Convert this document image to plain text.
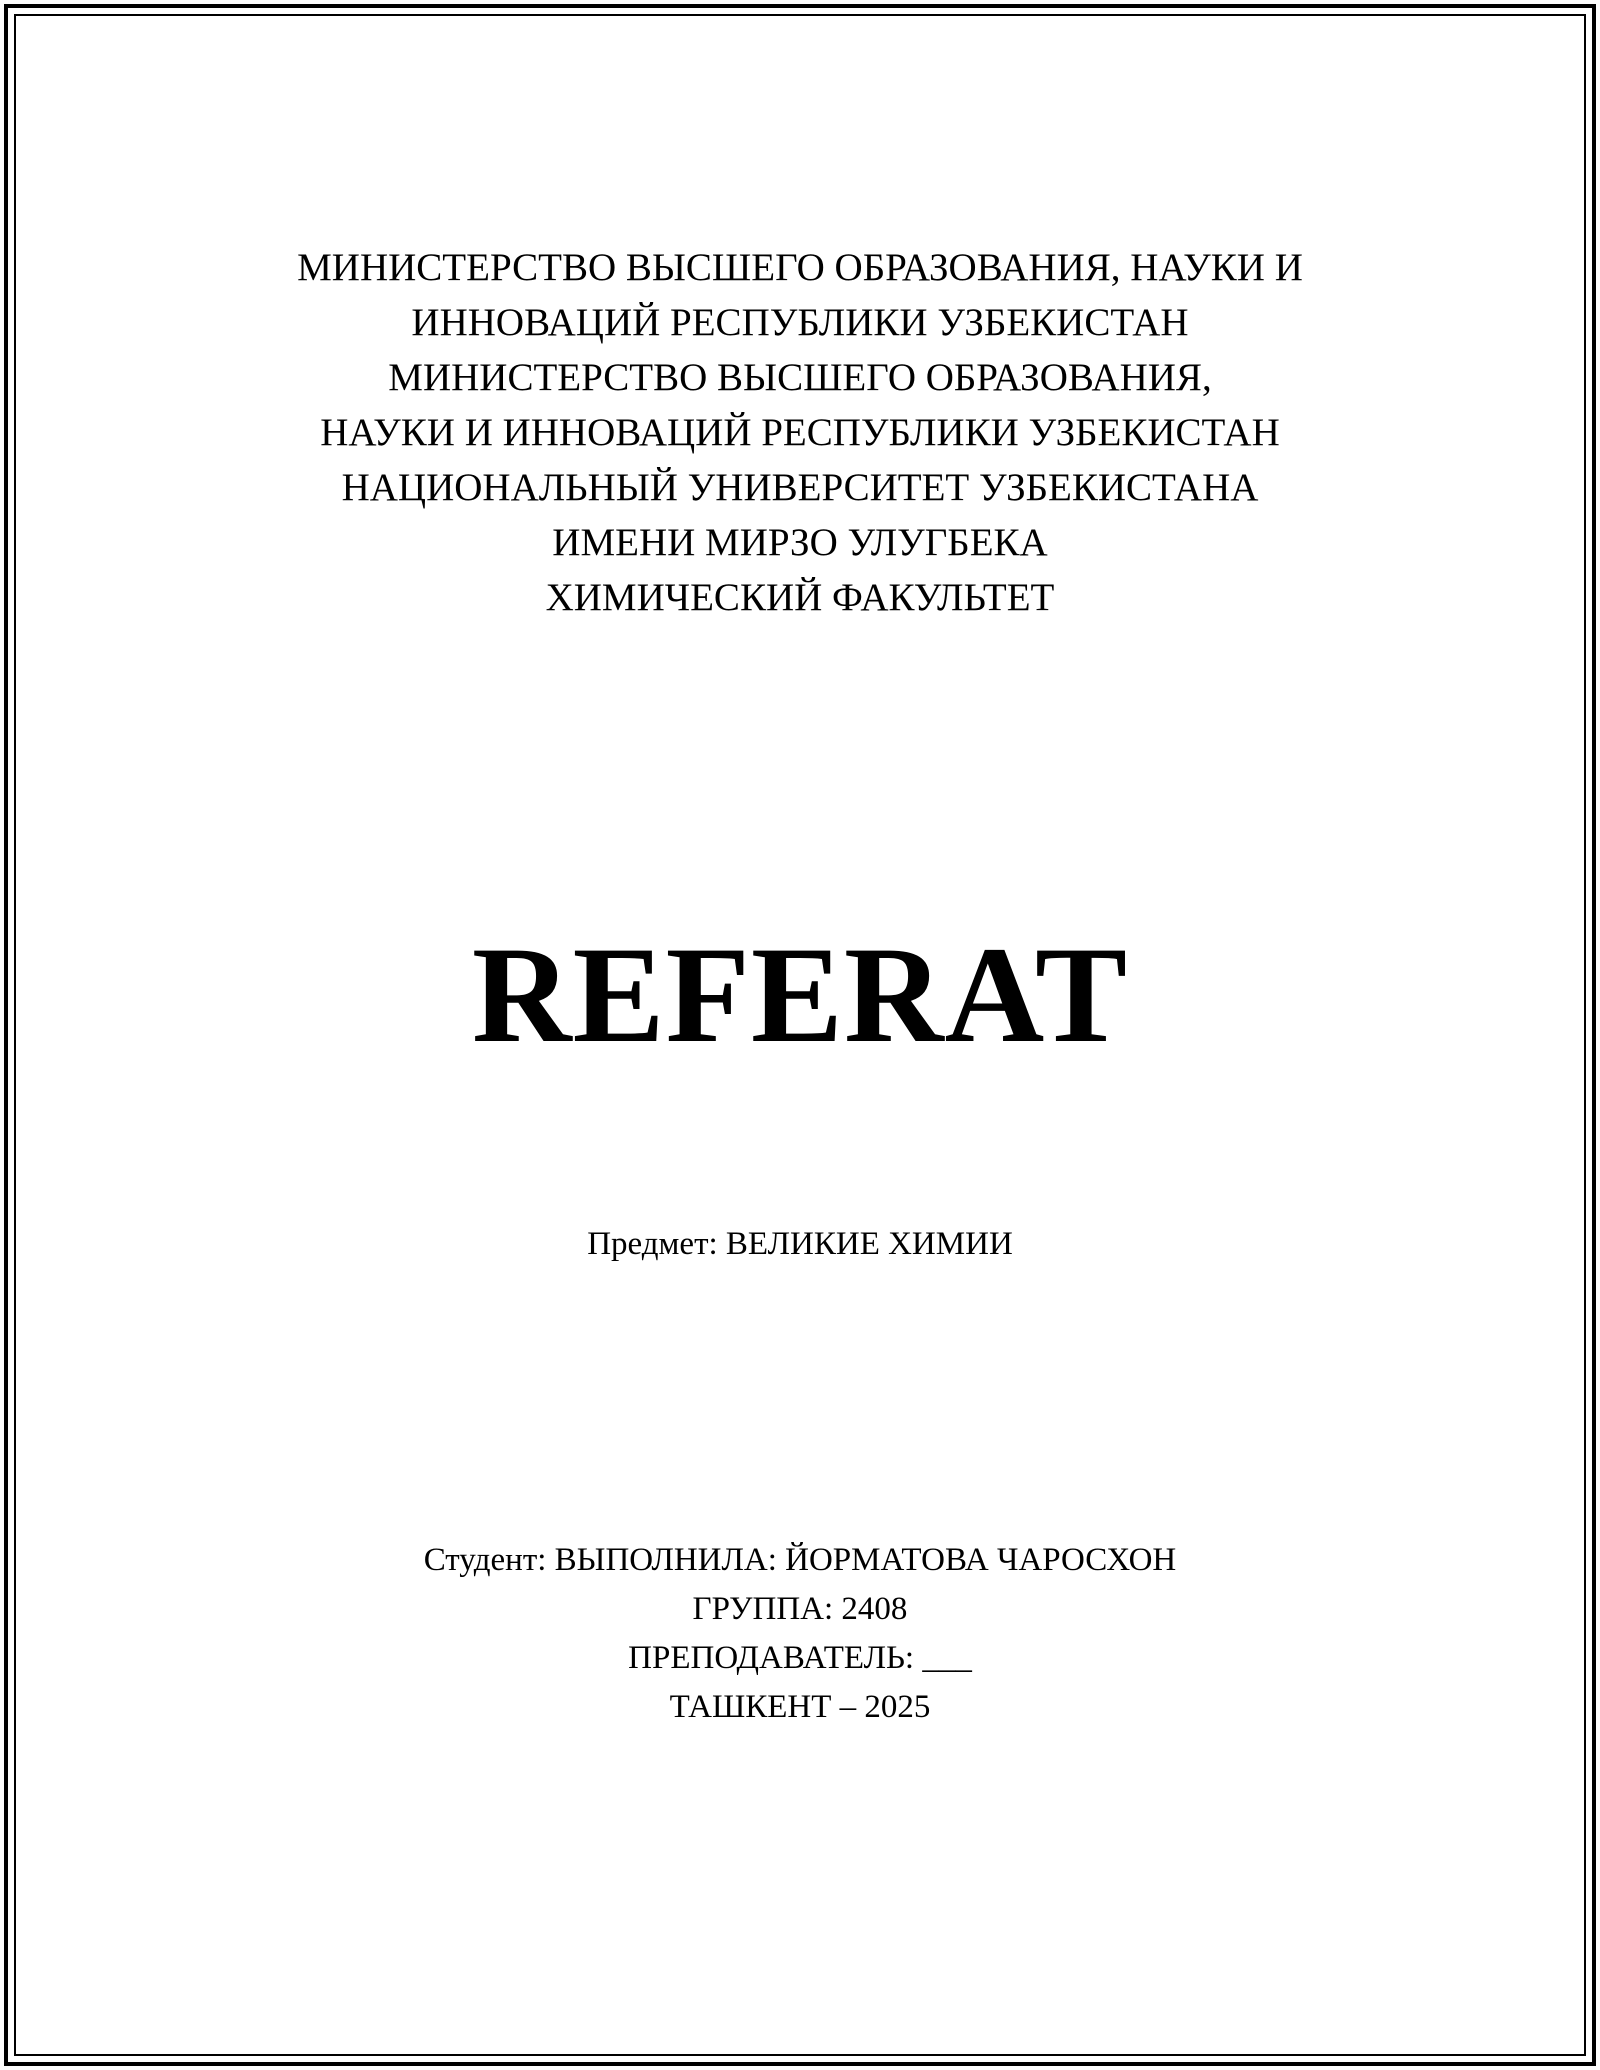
МИНИСТЕРСТВО ВЫСШЕГО ОБРАЗОВАНИЯ, НАУКИ И
ИННОВАЦИЙ РЕСПУБЛИКИ УЗБЕКИСТАН
МИНИСТЕРСТВО ВЫСШЕГО ОБРАЗОВАНИЯ,
НАУКИ И ИННОВАЦИЙ РЕСПУБЛИКИ УЗБЕКИСТАН
НАЦИОНАЛЬНЫЙ УНИВЕРСИТЕТ УЗБЕКИСТАНА
ИМЕНИ МИРЗО УЛУГБЕКА
ХИМИЧЕСКИЙ ФАКУЛЬТЕТ
REFERAT
Предмет: ВЕЛИКИЕ ХИМИИ
Студент: ВЫПОЛНИЛА: ЙОРМАТОВА ЧАРОСХОН
ГРУППА: 2408
ПРЕПОДАВАТЕЛЬ: ___
ТАШКЕНТ – 2025
